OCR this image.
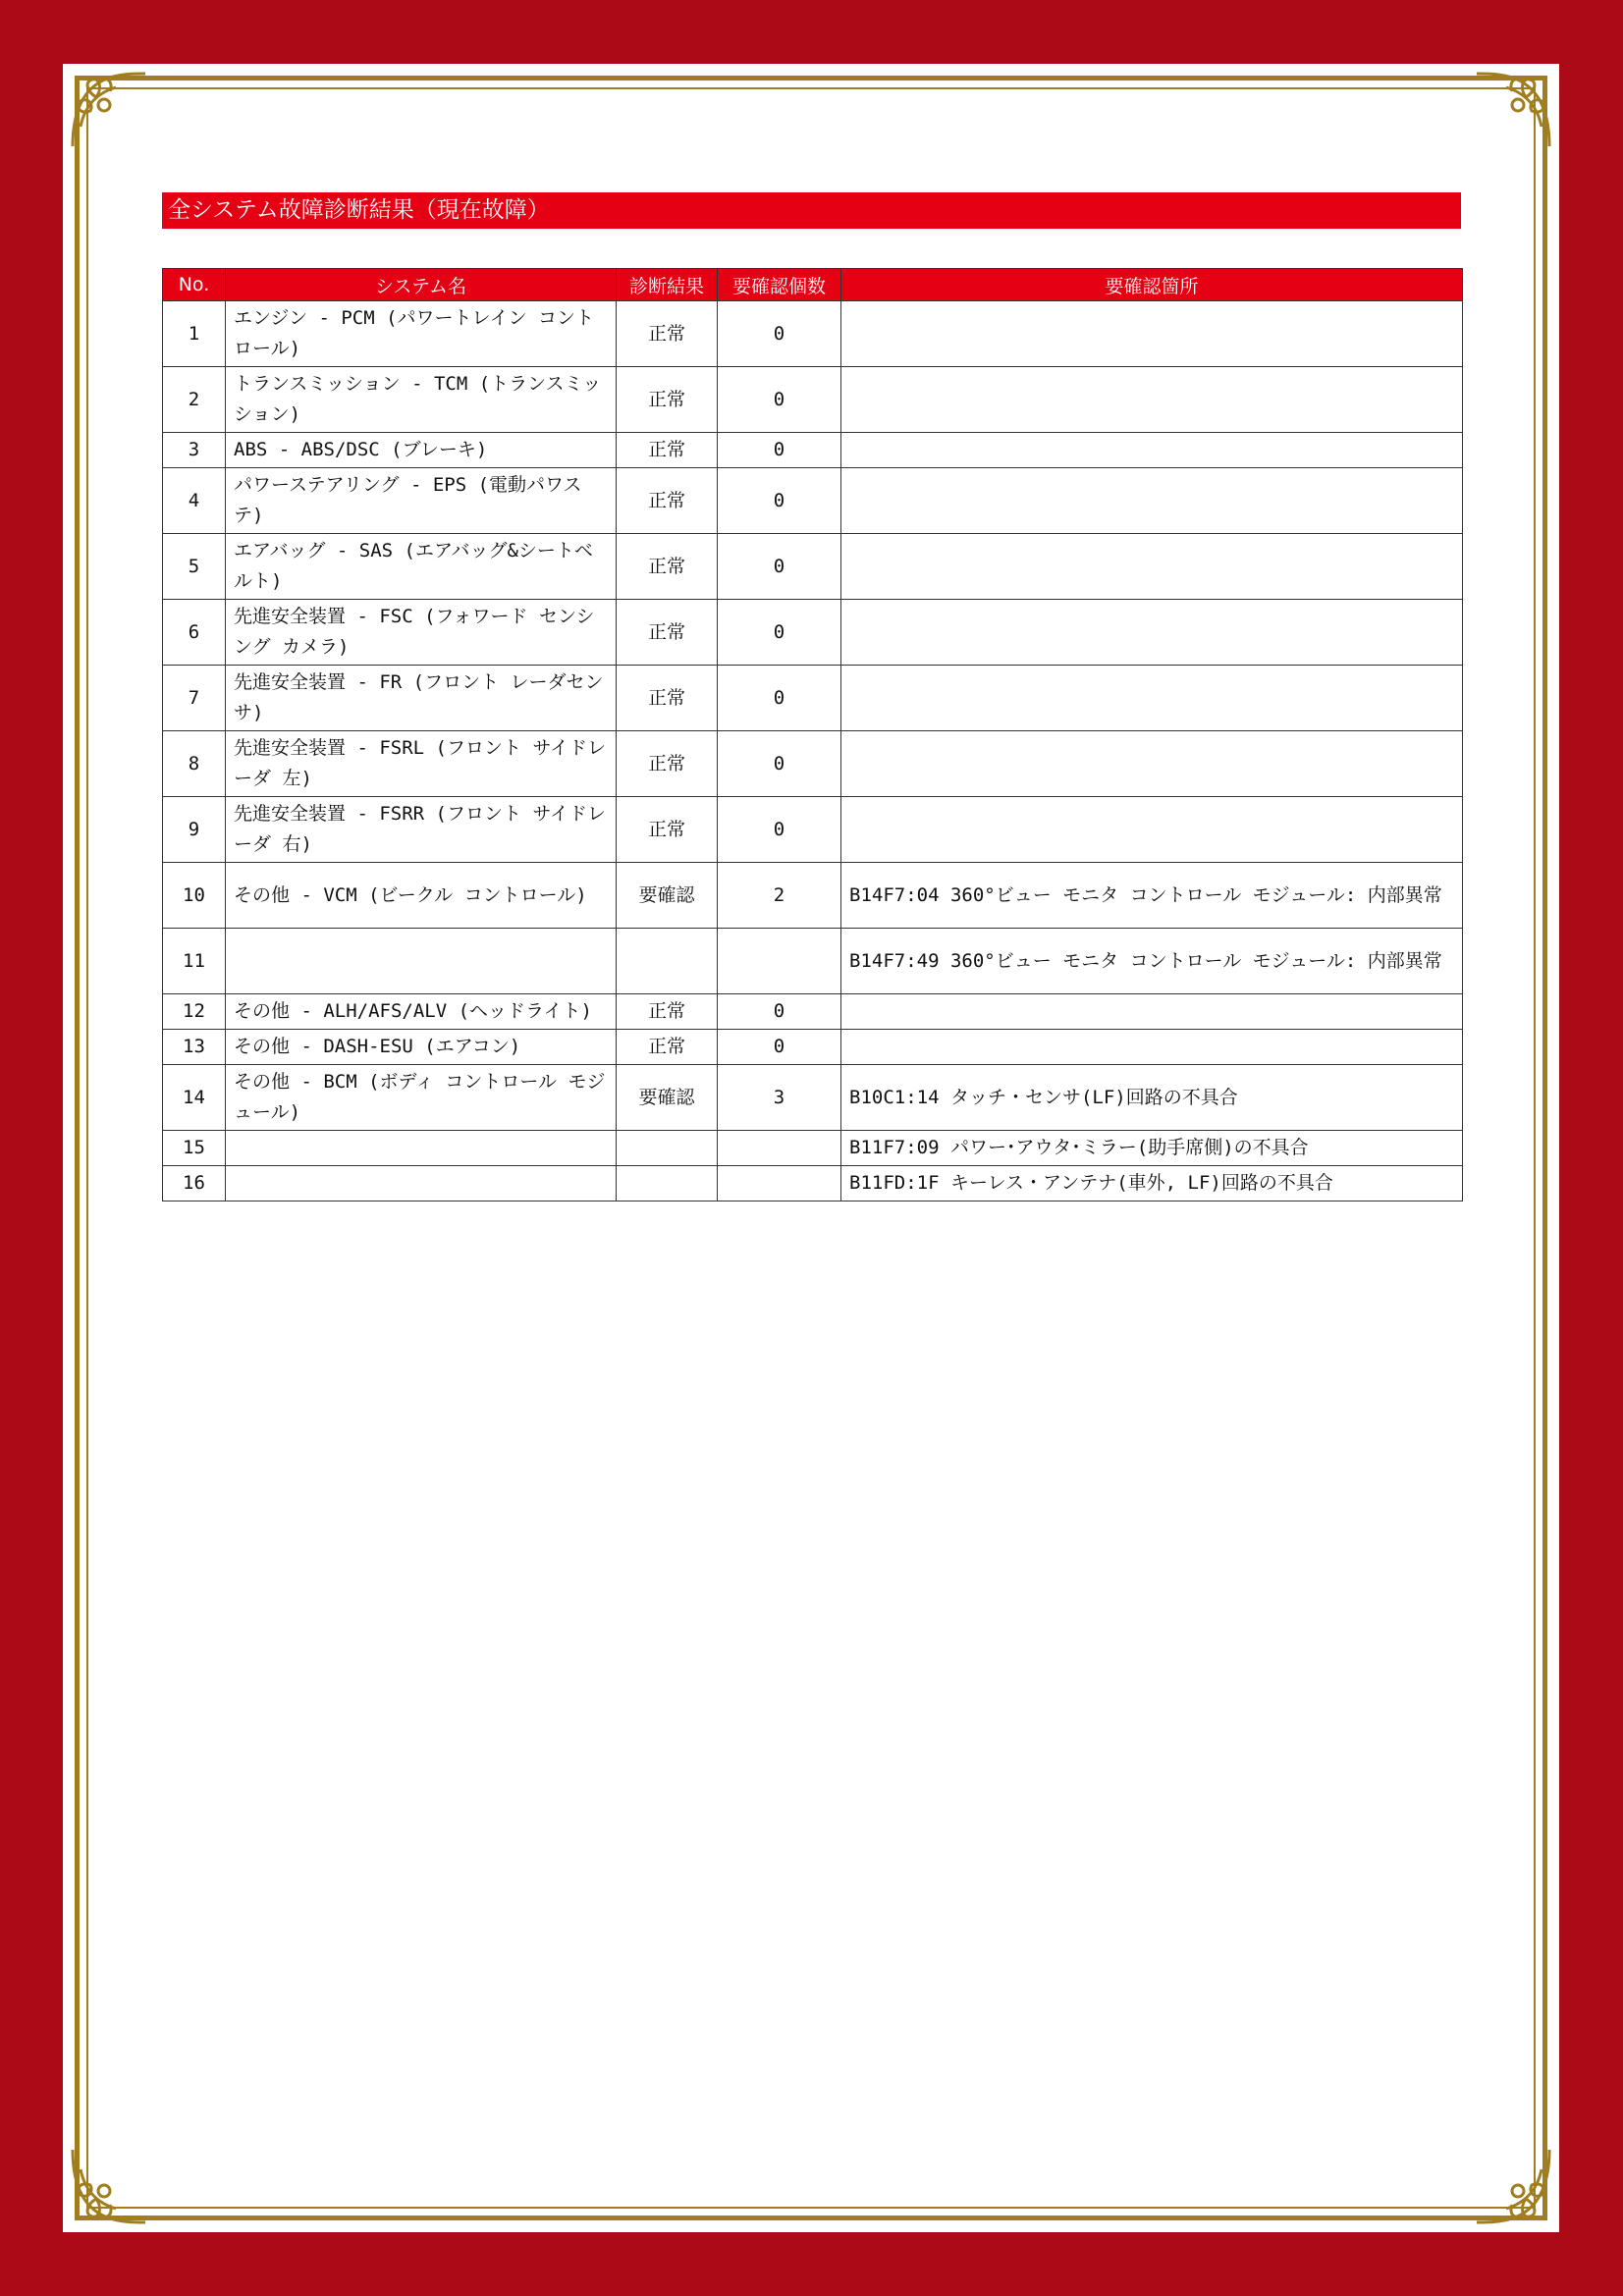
全システム故障診断結果（現在故障）
No.	システム名	診断結果	要確認個数	要確認箇所
1	エンジン - PCM (パワートレイン コントロール)	正常	0	
2	トランスミッション - TCM (トランスミッション)	正常	0	
3	ABS - ABS/DSC (ブレーキ)	正常	0	
4	パワーステアリング - EPS (電動パワステ)	正常	0	
5	エアバッグ - SAS (エアバッグ&シートベルト)	正常	0	
6	先進安全装置 - FSC (フォワード センシング カメラ)	正常	0	
7	先進安全装置 - FR (フロント レーダセンサ)	正常	0	
8	先進安全装置 - FSRL (フロント サイドレーダ 左)	正常	0	
9	先進安全装置 - FSRR (フロント サイドレーダ 右)	正常	0	
10	その他 - VCM (ビークル コントロール)	要確認	2	B14F7:04 360°ビュー モニタ コントロール モジュール: 内部異常
11				B14F7:49 360°ビュー モニタ コントロール モジュール: 内部異常
12	その他 - ALH/AFS/ALV (ヘッドライト)	正常	0	
13	その他 - DASH-ESU (エアコン)	正常	0	
14	その他 - BCM (ボディ コントロール モジュール)	要確認	3	B10C1:14 タッチ・センサ(LF)回路の不具合
15				B11F7:09 パワー･アウタ･ミラー(助手席側)の不具合
16				B11FD:1F キーレス・アンテナ(車外, LF)回路の不具合
